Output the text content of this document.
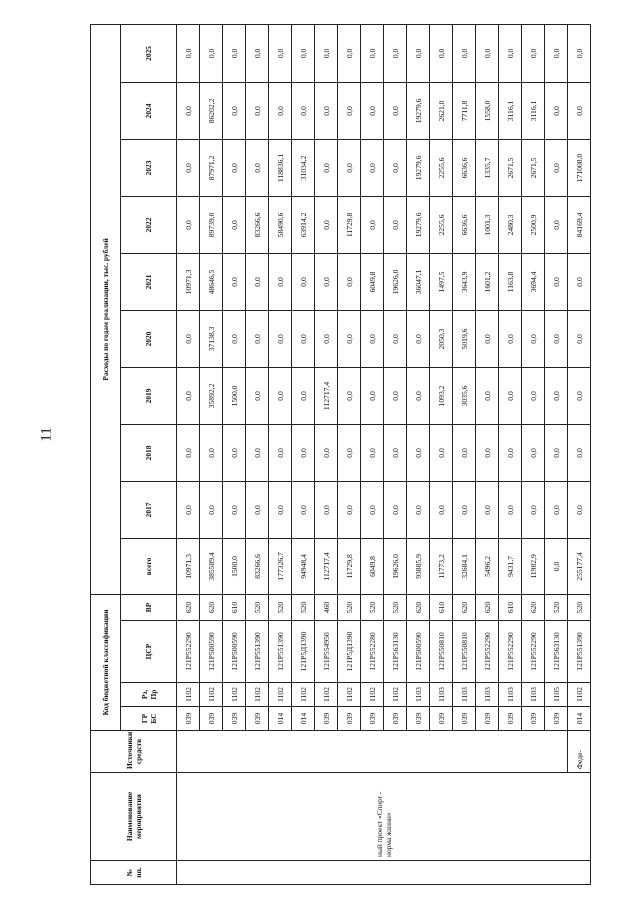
11
№ пп.	Наименование мероприятия	Источники средств	Код бюджетной классификации				Расходы по годам реализации, тыс. рублей									
			ГР БС	Рз, Пр	ЦСР	ВР	всего	2017	2018	2019	2020	2021	2022	2023	2024	2025
	ный проект «Спорт - норма жизни»		039	1102	121P552290	620	10971,3	0,0	0,0	0,0	0,0	10971,3	0,0	0,0	0,0	0,0
			039	1102	121P500590	620	385589,4	0,0	0,0	35892,2	37138,3	48646,5	89739,0	87971,2	86202,2	0,0
			039	1102	121P500590	610	1500,0	0,0	0,0	1500,0	0,0	0,0	0,0	0,0	0,0	0,0
			039	1102	121P551390	520	83266,6	0,0	0,0	0,0	0,0	0,0	83266,6	0,0	0,0	0,0
			014	1102	121P551390	520	177326,7	0,0	0,0	0,0	0,0	0,0	58490,6	118836,1	0,0	0,0
			014	1102	121P5Д1390	520	94948,4	0,0	0,0	0,0	0,0	0,0	63914,2	31034,2	0,0	0,0
			039	1102	121P554950	460	112717,4	0,0	0,0	112717,4	0,0	0,0	0,0	0,0	0,0	0,0
			039	1102	121P5Д1390	520	11729,8	0,0	0,0	0,0	0,0	0,0	11729,8	0,0	0,0	0,0
			039	1102	121P552280	520	6049,8	0,0	0,0	0,0	0,0	6049,8	0,0	0,0	0,0	0,0
			039	1102	121P563130	520	19626,0	0,0	0,0	0,0	0,0	19626,0	0,0	0,0	0,0	0,0
			039	1103	121P500590	620	93885,9	0,0	0,0	0,0	0,0	36047,1	19279,6	19279,6	19279,6	0,0
			039	1103	121P550810	610	11773,2	0,0	0,0	1093,2	2050,3	1497,5	2255,6	2255,6	2621,0	0,0
			039	1103	121P550810	620	32684,1	0,0	0,0	3035,6	5019,6	3643,9	6636,6	6636,6	7711,8	0,0
			039	1103	121P552290	620	5496,2	0,0	0,0	0,0	0,0	1601,2	1001,3	1335,7	1558,0	0,0
			039	1103	121P552290	610	9431,7	0,0	0,0	0,0	0,0	1163,8	2480,3	2671,5	3116,1	0,0
			039	1103	121P552290	620	11982,9	0,0	0,0	0,0	0,0	3694,4	2500,9	2671,5	3116,1	0,0
			039	1105	121P563130	520	0,0	0,0	0,0	0,0	0,0	0,0	0,0	0,0	0,0	0,0
		Феде-	014	1102	121P551390	520	255177,4	0,0	0,0	0,0	0,0	0,0	84169,4	171008,0	0,0	0,0
